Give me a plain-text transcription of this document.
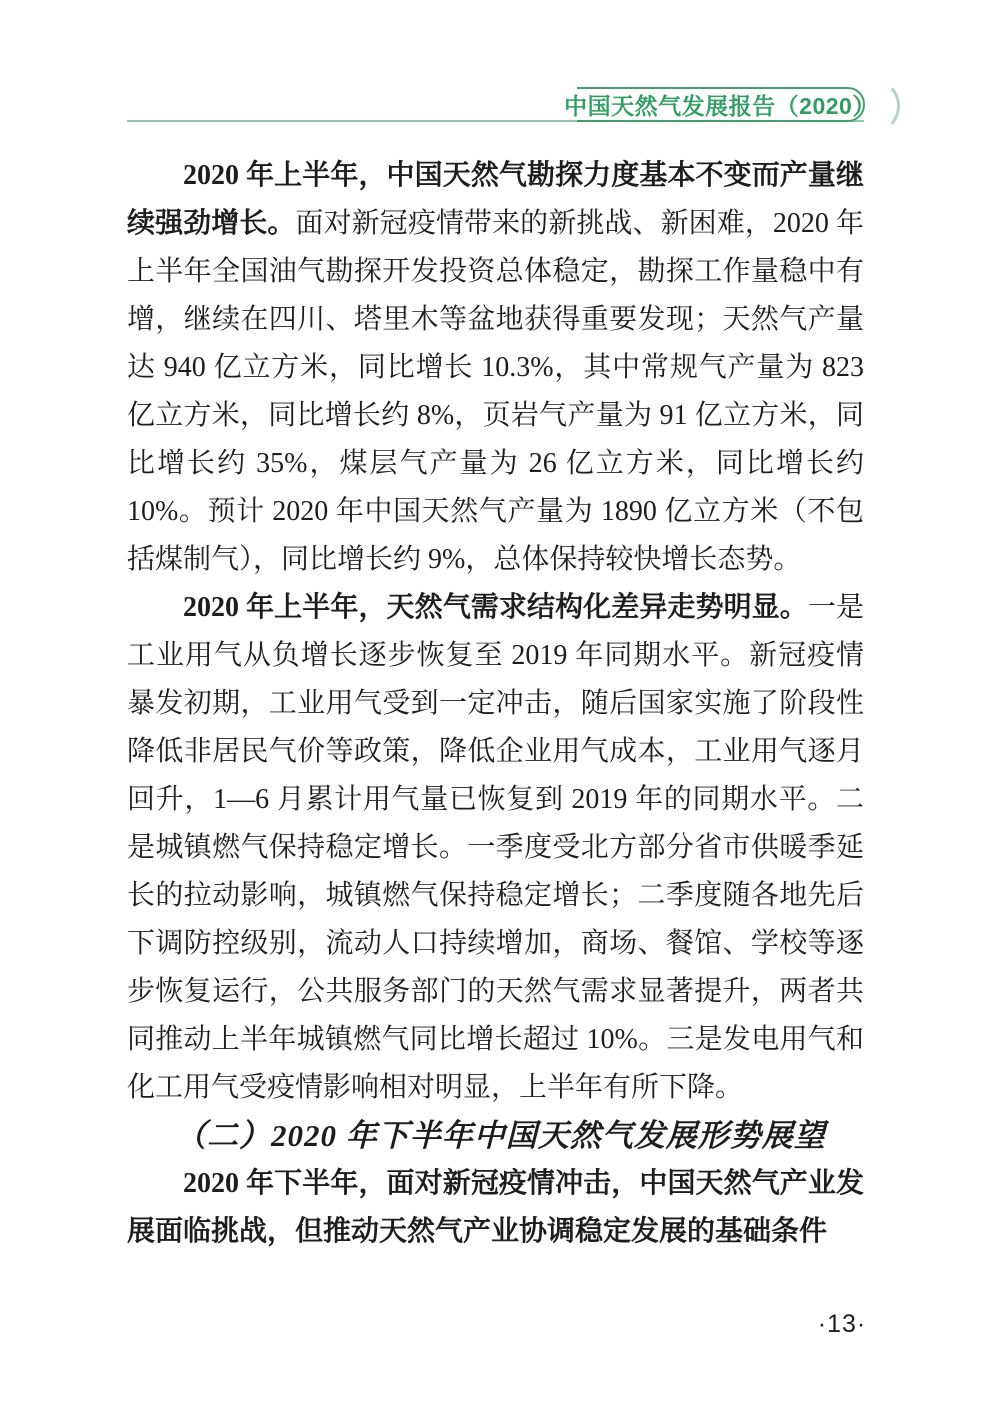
中国天然气发展报告（2020）

2020 年上半年，中国天然气勘探力度基本不变而产量继续强劲增长。面对新冠疫情带来的新挑战、新困难，2020 年上半年全国油气勘探开发投资总体稳定，勘探工作量稳中有增，继续在四川、塔里木等盆地获得重要发现；天然气产量达 940 亿立方米，同比增长 10.3%，其中常规气产量为 823 亿立方米，同比增长约 8%，页岩气产量为 91 亿立方米，同比增长约 35%，煤层气产量为 26 亿立方米，同比增长约 10%。预计 2020 年中国天然气产量为 1890 亿立方米（不包括煤制气），同比增长约 9%，总体保持较快增长态势。

2020 年上半年，天然气需求结构化差异走势明显。一是工业用气从负增长逐步恢复至 2019 年同期水平。新冠疫情暴发初期，工业用气受到一定冲击，随后国家实施了阶段性降低非居民气价等政策，降低企业用气成本，工业用气逐月回升，1—6 月累计用气量已恢复到 2019 年的同期水平。二是城镇燃气保持稳定增长。一季度受北方部分省市供暖季延长的拉动影响，城镇燃气保持稳定增长；二季度随各地先后下调防控级别，流动人口持续增加，商场、餐馆、学校等逐步恢复运行，公共服务部门的天然气需求显著提升，两者共同推动上半年城镇燃气同比增长超过 10%。三是发电用气和化工用气受疫情影响相对明显，上半年有所下降。

（二）2020 年下半年中国天然气发展形势展望

2020 年下半年，面对新冠疫情冲击，中国天然气产业发展面临挑战，但推动天然气产业协调稳定发展的基础条件

·13·
